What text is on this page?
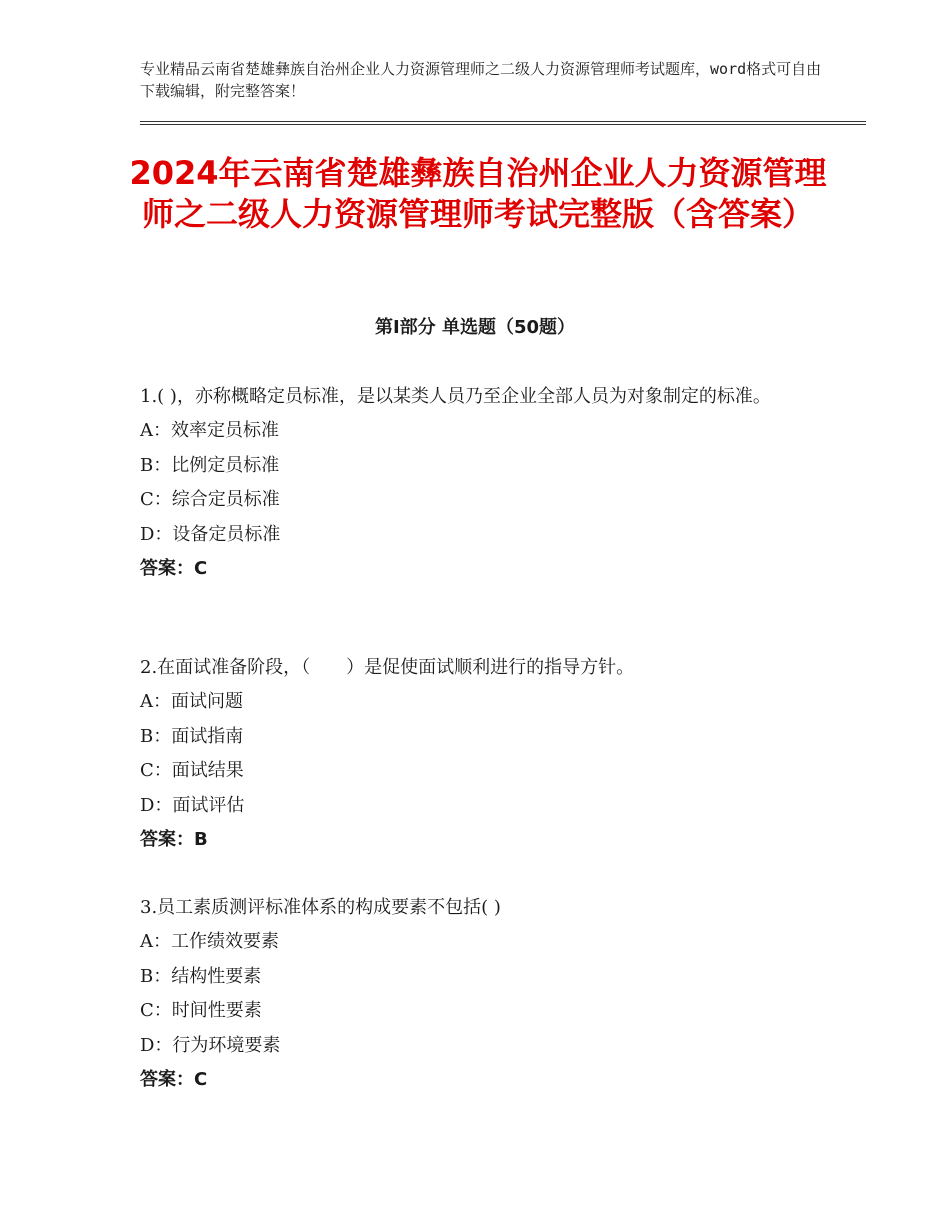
专业精品云南省楚雄彝族自治州企业人力资源管理师之二级人力资源管理师考试题库，word格式可自由下载编辑，附完整答案！
2024年云南省楚雄彝族自治州企业人力资源管理师之二级人力资源管理师考试完整版（含答案）
第Ⅰ部分 单选题（50题）
1.( )，亦称概略定员标准，是以某类人员乃至企业全部人员为对象制定的标准。
A：效率定员标准
B：比例定员标准
C：综合定员标准
D：设备定员标准
答案：C
2.在面试准备阶段，（　　）是促使面试顺利进行的指导方针。
A：面试问题
B：面试指南
C：面试结果
D：面试评估
答案：B
3.员工素质测评标准体系的构成要素不包括( )
A：工作绩效要素
B：结构性要素
C：时间性要素
D：行为环境要素
答案：C
